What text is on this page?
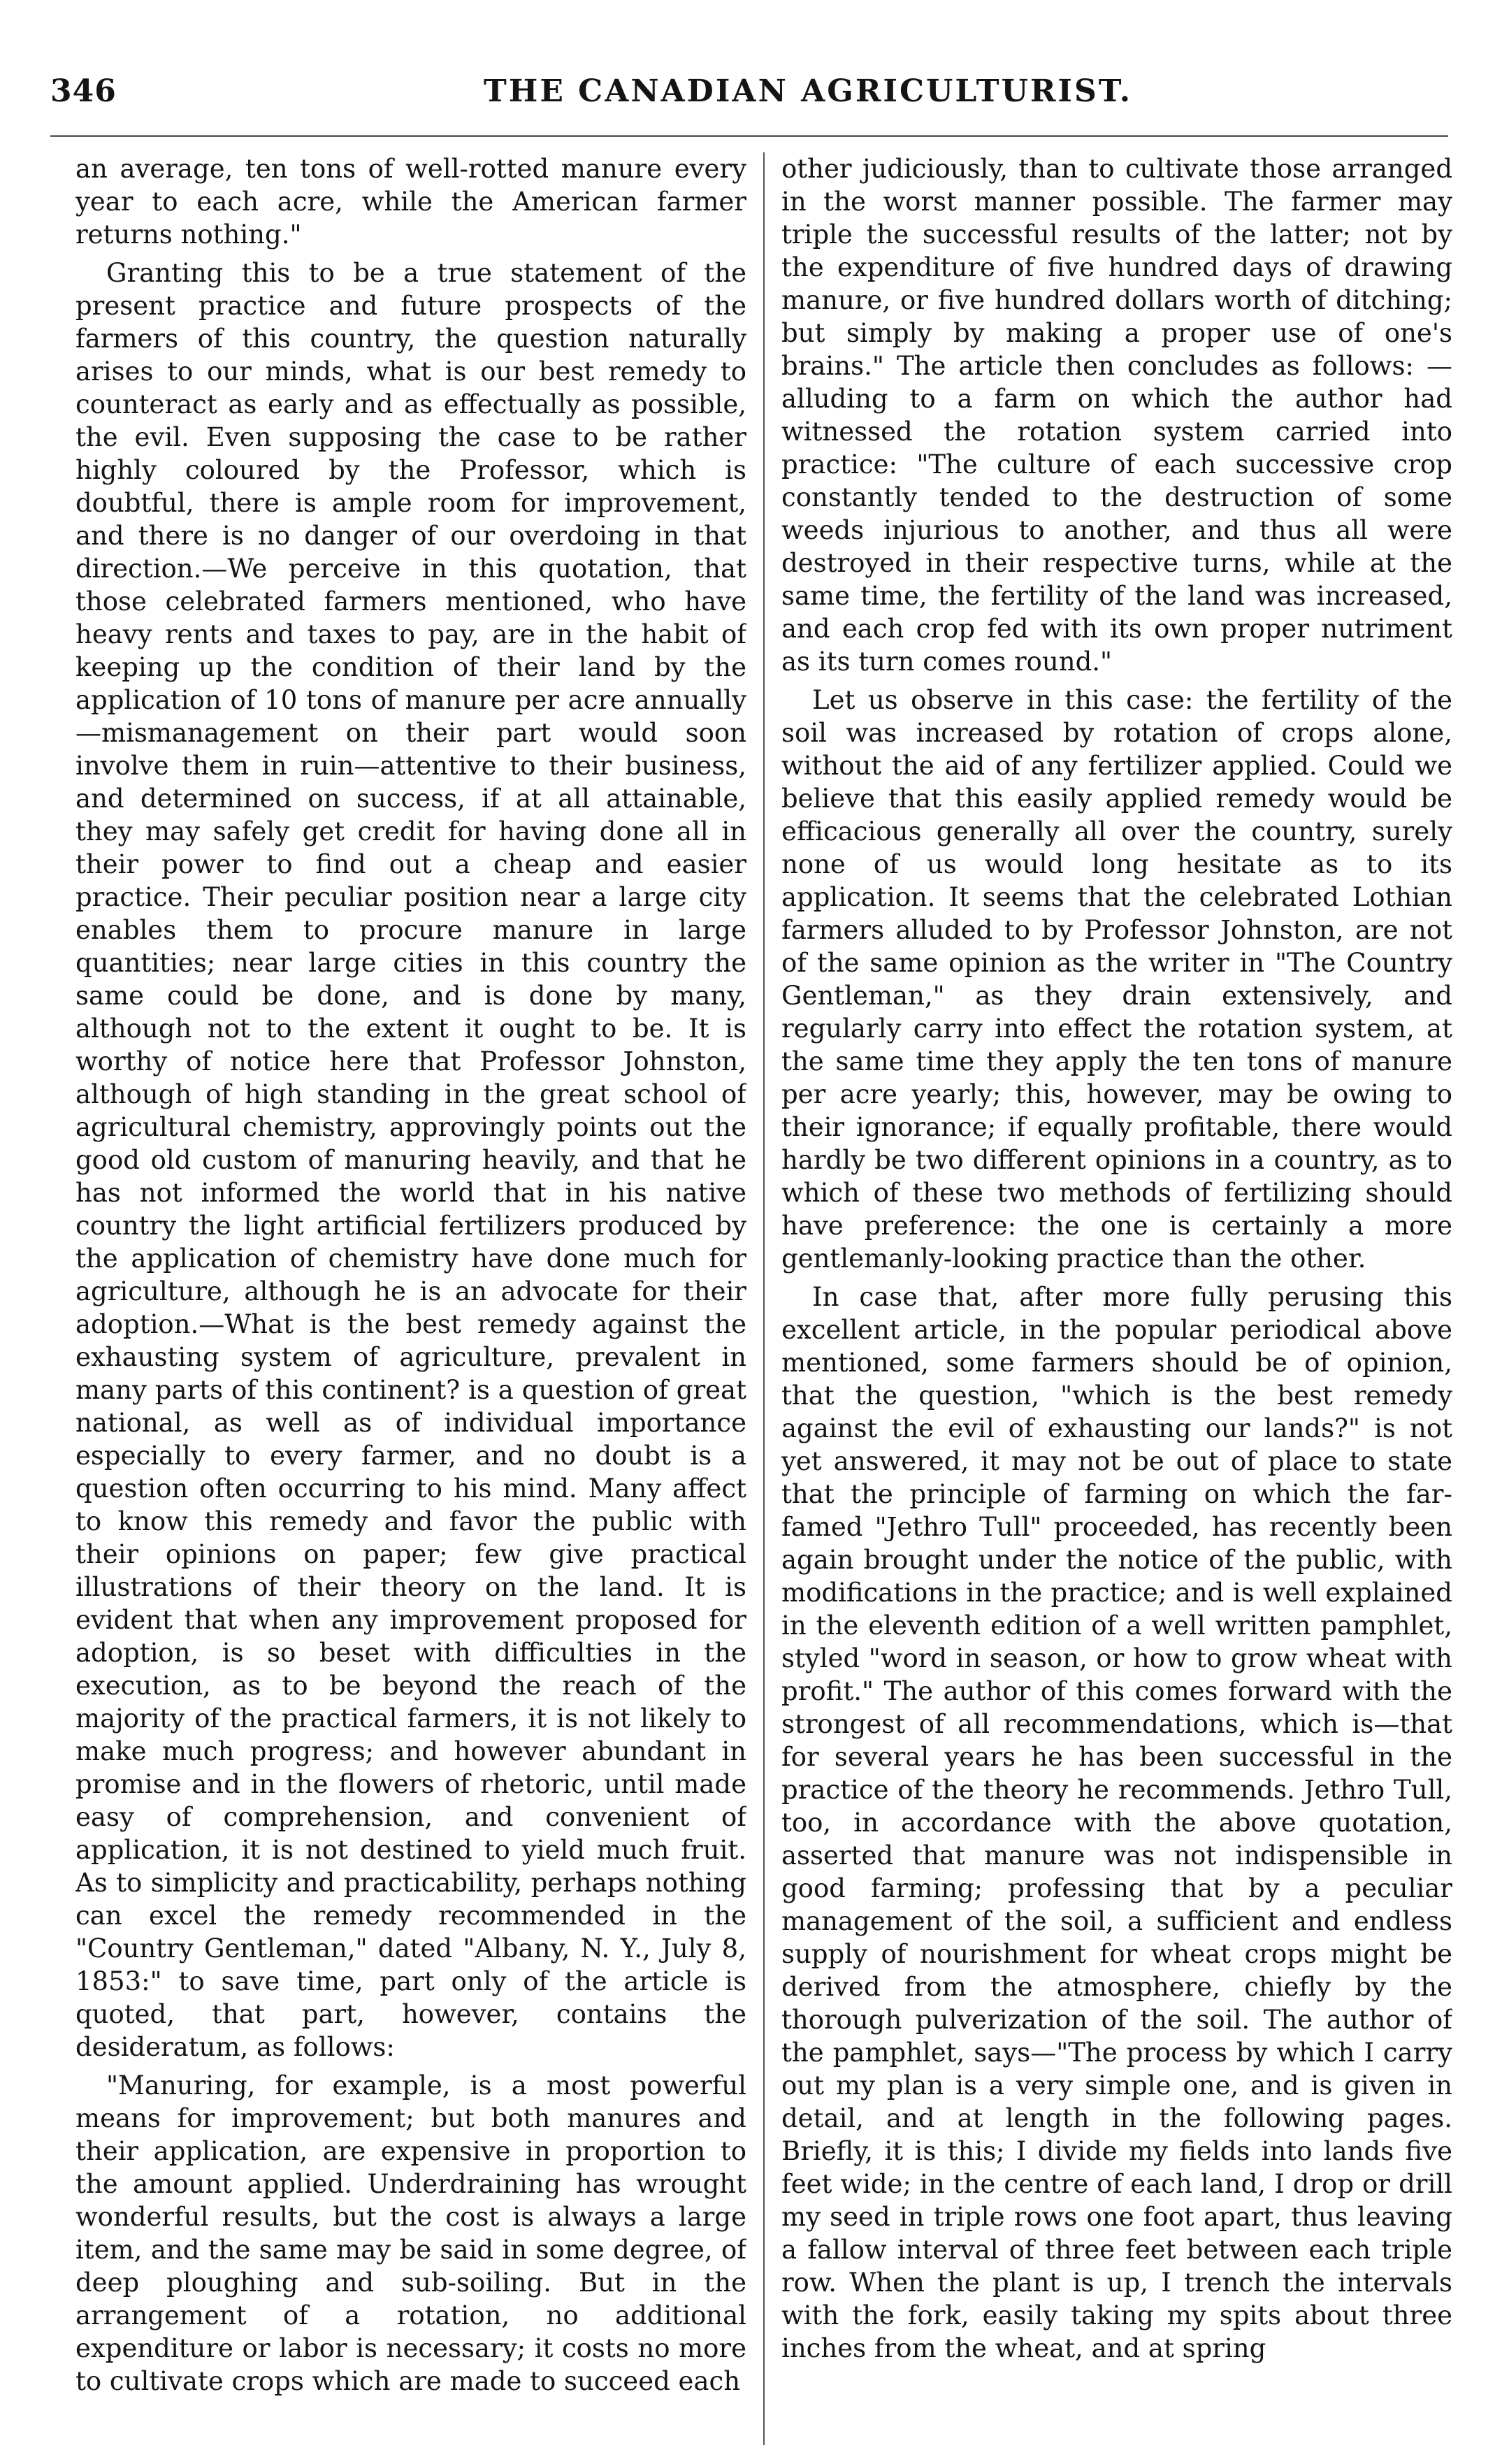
346	THE CANADIAN AGRICULTURIST.

an average, ten tons of well-rotted manure every year to each acre, while the American farmer returns nothing."

Granting this to be a true statement of the present practice and future prospects of the farmers of this country, the question naturally arises to our minds, what is our best remedy to counteract as early and as effectually as possible, the evil. Even supposing the case to be rather highly coloured by the Professor, which is doubtful, there is ample room for improvement, and there is no danger of our overdoing in that direction.—We perceive in this quotation, that those celebrated farmers mentioned, who have heavy rents and taxes to pay, are in the habit of keeping up the condition of their land by the application of 10 tons of manure per acre annually—mismanagement on their part would soon involve them in ruin—attentive to their business, and determined on success, if at all attainable, they may safely get credit for having done all in their power to find out a cheap and easier practice. Their peculiar position near a large city enables them to procure manure in large quantities; near large cities in this country the same could be done, and is done by many, although not to the extent it ought to be. It is worthy of notice here that Professor Johnston, although of high standing in the great school of agricultural chemistry, approvingly points out the good old custom of manuring heavily, and that he has not informed the world that in his native country the light artificial fertilizers produced by the application of chemistry have done much for agriculture, although he is an advocate for their adoption.—What is the best remedy against the exhausting system of agriculture, prevalent in many parts of this continent? is a question of great national, as well as of individual importance especially to every farmer, and no doubt is a question often occurring to his mind. Many affect to know this remedy and favor the public with their opinions on paper; few give practical illustrations of their theory on the land. It is evident that when any improvement proposed for adoption, is so beset with difficulties in the execution, as to be beyond the reach of the majority of the practical farmers, it is not likely to make much progress; and however abundant in promise and in the flowers of rhetoric, until made easy of comprehension, and convenient of application, it is not destined to yield much fruit. As to simplicity and practicability, perhaps nothing can excel the remedy recommended in the "Country Gentleman," dated "Albany, N. Y., July 8, 1853:" to save time, part only of the article is quoted, that part, however, contains the desideratum, as follows:

"Manuring, for example, is a most powerful means for improvement; but both manures and their application, are expensive in proportion to the amount applied. Underdraining has wrought wonderful results, but the cost is always a large item, and the same may be said in some degree, of deep ploughing and sub-soiling. But in the arrangement of a rotation, no additional expenditure or labor is necessary; it costs no more to cultivate crops which are made to succeed each

other judiciously, than to cultivate those arranged in the worst manner possible. The farmer may triple the successful results of the latter; not by the expenditure of five hundred days of drawing manure, or five hundred dollars worth of ditching; but simply by making a proper use of one's brains." The article then concludes as follows: —alluding to a farm on which the author had witnessed the rotation system carried into practice: "The culture of each successive crop constantly tended to the destruction of some weeds injurious to another, and thus all were destroyed in their respective turns, while at the same time, the fertility of the land was increased, and each crop fed with its own proper nutriment as its turn comes round."

Let us observe in this case: the fertility of the soil was increased by rotation of crops alone, without the aid of any fertilizer applied. Could we believe that this easily applied remedy would be efficacious generally all over the country, surely none of us would long hesitate as to its application. It seems that the celebrated Lothian farmers alluded to by Professor Johnston, are not of the same opinion as the writer in "The Country Gentleman," as they drain extensively, and regularly carry into effect the rotation system, at the same time they apply the ten tons of manure per acre yearly; this, however, may be owing to their ignorance; if equally profitable, there would hardly be two different opinions in a country, as to which of these two methods of fertilizing should have preference: the one is certainly a more gentlemanly-looking practice than the other.

In case that, after more fully perusing this excellent article, in the popular periodical above mentioned, some farmers should be of opinion, that the question, "which is the best remedy against the evil of exhausting our lands?" is not yet answered, it may not be out of place to state that the principle of farming on which the far-famed "Jethro Tull" proceeded, has recently been again brought under the notice of the public, with modifications in the practice; and is well explained in the eleventh edition of a well written pamphlet, styled "word in season, or how to grow wheat with profit." The author of this comes forward with the strongest of all recommendations, which is—that for several years he has been successful in the practice of the theory he recommends. Jethro Tull, too, in accordance with the above quotation, asserted that manure was not indispensible in good farming; professing that by a peculiar management of the soil, a sufficient and endless supply of nourishment for wheat crops might be derived from the atmosphere, chiefly by the thorough pulverization of the soil. The author of the pamphlet, says—"The process by which I carry out my plan is a very simple one, and is given in detail, and at length in the following pages. Briefly, it is this; I divide my fields into lands five feet wide; in the centre of each land, I drop or drill my seed in triple rows one foot apart, thus leaving a fallow interval of three feet between each triple row. When the plant is up, I trench the intervals with the fork, easily taking my spits about three inches from the wheat, and at spring
